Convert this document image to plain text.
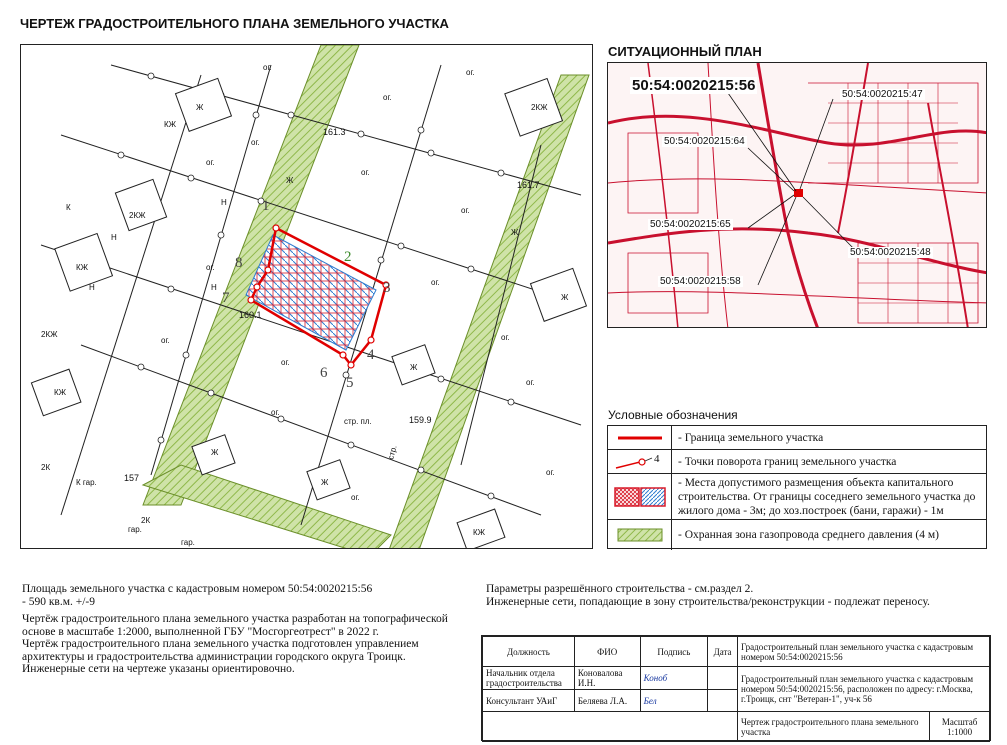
ЧЕРТЕЖ ГРАДОСТРОИТЕЛЬНОГО ПЛАНА ЗЕМЕЛЬНОГО УЧАСТКА
1
2
3
4
5
6
7
8
161.3
161.7
160.1
159.9
157
ог.
ог.
ог.
ог.
ог.
ог.
ог.
ог.
ог.
ог.
ог.
ог.
ог.
ог.
ог.
ог.
Ж
Ж
Ж
Ж
Ж
Ж
Ж
2КЖ
2КЖ
2КЖ
КЖ
КЖ
КЖ
КЖ
К гар.
2К
2К
К
гар.
гар.
стр. пл.
стр.
Н
Н
Н
Н
СИТУАЦИОННЫЙ ПЛАН
50:54:0020215:56
50:54:0020215:47
50:54:0020215:64
50:54:0020215:65
50:54:0020215:48
50:54:0020215:58
Условные обозначения
- Граница земельного участка
4 - Точки поворота границ земельного участка
- Места допустимого размещения объекта капитального строительства. От границы соседнего земельного участка до жилого дома - 3м; до хоз.построек (бани, гаражи) - 1м
- Охранная зона газопровода среднего давления (4 м)
Площадь земельного участка с кадастровым номером 50:54:0020215:56
- 590 кв.м. +/-9
Чертёж градостроительного плана земельного участка разработан на топографической основе в масштабе 1:2000, выполненной ГБУ "Мосгоргеотрест" в 2022 г.
Чертёж градостроительного плана земельного участка подготовлен управлением архитектуры и градостроительства администрации городского округа Троицк.
Инженерные сети на чертеже указаны ориентировочно.
Параметры разрешённого строительства - см.раздел 2.
Инженерные сети, попадающие в зону строительства/реконструкции - подлежат переносу.
Должность	ФИО	Подпись	Дата	Градостроительный план земельного участка с кадастровым номером 50:54:0020215:56	
Начальник отдела градостроительства	Коновалова И.Н.	Коноб		Градостроительный план земельного участка с кадастровым номером 50:54:0020215:56, расположен по адресу: г.Москва, г.Троицк, снт "Ветеран-1", уч-к 56	
Консультант УАиГ	Беляева Л.А.	Бел			
				Чертеж градостроительного плана земельного участка	Масштаб
1:1000
